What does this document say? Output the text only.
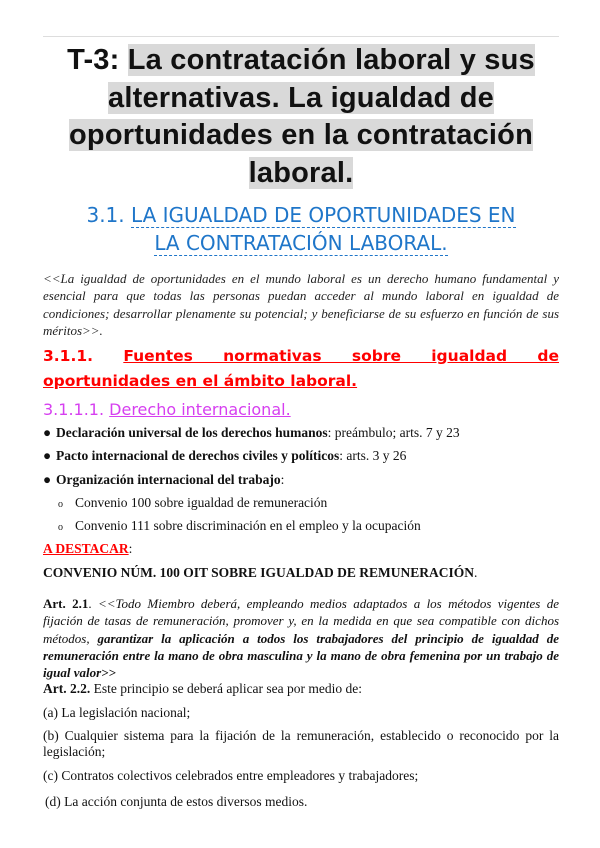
T-3: La contratación laboral y sus
alternativas. La igualdad de
oportunidades en la contratación
laboral.
3.1. LA IGUALDAD DE OPORTUNIDADES EN
LA CONTRATACIÓN LABORAL.
<<La igualdad de oportunidades en el mundo laboral es un derecho humano fundamental y esencial para que todas las personas puedan acceder al mundo laboral en igualdad de condiciones; desarrollar plenamente su potencial; y beneficiarse de su esfuerzo en función de sus méritos>>.
3.1.1. Fuentes normativas sobre igualdad de oportunidades en el ámbito laboral.
3.1.1.1. Derecho internacional.
● Declaración universal de los derechos humanos: preámbulo; arts. 7 y 23
● Pacto internacional de derechos civiles y políticos: arts. 3 y 26
● Organización internacional del trabajo:
o Convenio 100 sobre igualdad de remuneración
o Convenio 111 sobre discriminación en el empleo y la ocupación
A DESTACAR:
CONVENIO NÚM. 100 OIT SOBRE IGUALDAD DE REMUNERACIÓN.
Art. 2.1. <<Todo Miembro deberá, empleando medios adaptados a los métodos vigentes de fijación de tasas de remuneración, promover y, en la medida en que sea compatible con dichos métodos, garantizar la aplicación a todos los trabajadores del principio de igualdad de remuneración entre la mano de obra masculina y la mano de obra femenina por un trabajo de igual valor>>
Art. 2.2. Este principio se deberá aplicar sea por medio de:
(a) La legislación nacional;
(b) Cualquier sistema para la fijación de la remuneración, establecido o reconocido por la legislación;
(c) Contratos colectivos celebrados entre empleadores y trabajadores;
(d) La acción conjunta de estos diversos medios.
